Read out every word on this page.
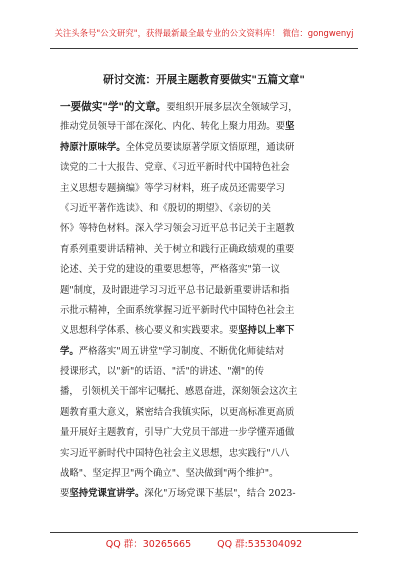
关注头条号"公文研究"，获得最新最全最专业的公文资料库！ 微信：gongwenyj
研讨交流：开展主题教育要做实"五篇文章"
一要做实"学"的文章。要组织开展多层次全领域学习，
推动党员领导干部在深化、内化、转化上聚力用劲。要坚
持原汁原味学。全体党员要读原著学原文悟原理，通读研
读党的二十大报告、党章、《习近平新时代中国特色社会
主义思想专题摘编》等学习材料，班子成员还需要学习
《习近平著作选读》、和《殷切的期望》、《亲切的关
怀》等特色材料。深入学习领会习近平总书记关于主题教
育系列重要讲话精神、关于树立和践行正确政绩观的重要
论述、关于党的建设的重要思想等，严格落实"第一议
题"制度，及时跟进学习习近平总书记最新重要讲话和指
示批示精神，全面系统掌握习近平新时代中国特色社会主
义思想科学体系、核心要义和实践要求。要坚持以上率下
学。严格落实"周五讲堂"学习制度、不断优化师徒结对
授课形式，以"新"的话语、"活"的讲述、"潮"的传
播， 引领机关干部牢记嘱托、感恩奋进，深刻领会这次主
题教育重大意义，紧密结合我镇实际，以更高标准更高质
量开展好主题教育，引导广大党员干部进一步学懂弄通做
实习近平新时代中国特色社会主义思想，忠实践行"八八
战略"、坚定捍卫"两个确立"、坚决做到"两个维护"。
要坚持党课宣讲学。深化"万场党课下基层"，结合 2023-
QQ 群：30265665	QQ 群:535304092
